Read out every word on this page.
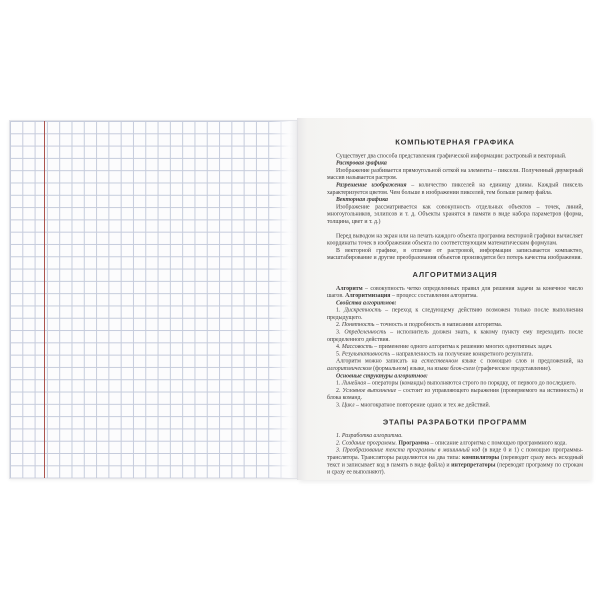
КОМПЬЮТЕРНАЯ ГРАФИКА

Существует два способа представления графической информации: растровый и векторный.

Растровая графика

Изображение разбивается прямоугольной сеткой на элементы – пиксели. Полученный двумерный массив называется растром.

Разрешение изображения – количество пикселей на единицу длины. Каждый пиксель характеризуется цветом. Чем больше в изображении пикселей, тем больше размер файла.

Векторная графика

Изображение рассматривается как совокупность отдельных объектов – точек, линий, многоугольников, эллипсов и т. д. Объекты хранятся в памяти в виде набора параметров (форма, толщина, цвет и т. д.)

Перед выводом на экран или на печать каждого объекта программа векторной графики вычисляет координаты точек в изображении объекта по соответствующим математическим формулам.

В векторной графике, в отличие от растровой, информация записывается компактно, масштабирование и другие преобразования объектов производятся без потерь качества изображения.

АЛГОРИТМИЗАЦИЯ

Алгоритм – совокупность четко определенных правил для решения задачи за конечное число шагов. Алгоритмизация – процесс составления алгоритма.

Свойства алгоритмов:

1. Дискретность – переход к следующему действию возможен только после выполнения предыдущего.

2. Понятность – точность и подробность в написании алгоритма.

3. Определенность – исполнитель должен знать, к какому пункту ему переходить после определенного действия.

4. Массовость – применение одного алгоритма к решению многих однотипных задач.

5. Результативность – направленность на получение конкретного результата.

Алгоритм можно записать на естественном языке с помощью слов и предложений, на алгоритмическом (формальном) языке, на языке блок-схем (графическое представление).

Основные структуры алгоритмов:

1. Линейная – операторы (команды) выполняются строго по порядку, от первого до последнего.

2. Условное выполнение – состоит из управляющего выражения (проверяемого на истинность) и блока команд.

3. Цикл – многократное повторение одних и тех же действий.

ЭТАПЫ РАЗРАБОТКИ ПРОГРАММ

1. Разработка алгоритма.

2. Создание программы. Программа – описание алгоритма с помощью программного кода.

3. Преобразование текста программы в машинный код (в виде 0 и 1) с помощью программы-транслятора. Трансляторы разделяются на два типа: компиляторы (переводит сразу весь исходный текст и записывает код в память в виде файла) и интерпретаторы (переводят программу по строкам и сразу ее выполняют).
